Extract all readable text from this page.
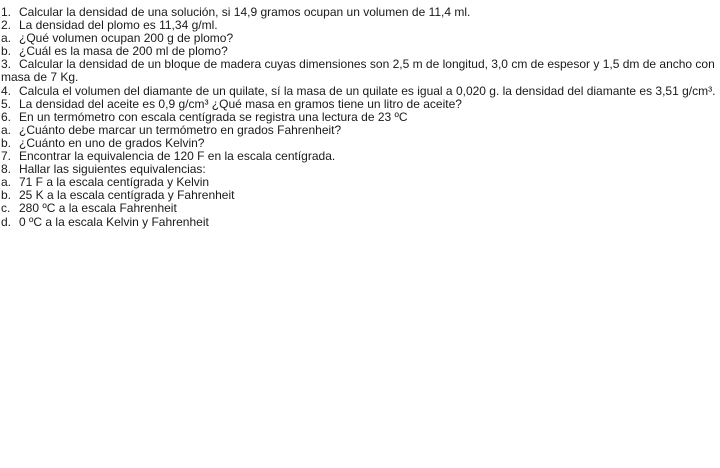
1. Calcular la densidad de una solución, si 14,9 gramos ocupan un volumen de 11,4 ml.
2. La densidad del plomo es 11,34 g/ml.
a. ¿Qué volumen ocupan 200 g de plomo?
b. ¿Cuál es la masa de 200 ml de plomo?
3. Calcular la densidad de un bloque de madera cuyas dimensiones son 2,5 m de longitud, 3,0 cm de espesor y 1,5 dm de ancho con masa de 7 Kg.
4. Calcula el volumen del diamante de un quilate, sí la masa de un quilate es igual a 0,020 g. la densidad del diamante es 3,51 g/cm³.
5. La densidad del aceite es 0,9 g/cm³ ¿Qué masa en gramos tiene un litro de aceite?
6. En un termómetro con escala centígrada se registra una lectura de 23 ºC
a. ¿Cuánto debe marcar un termómetro en grados Fahrenheit?
b. ¿Cuánto en uno de grados Kelvin?
7. Encontrar la equivalencia de 120 F en la escala centígrada.
8. Hallar las siguientes equivalencias:
a. 71 F a la escala centígrada y Kelvin
b. 25 K a la escala centígrada y Fahrenheit
c. 280 ºC a la escala Fahrenheit
d. 0 ºC a la escala Kelvin y Fahrenheit
